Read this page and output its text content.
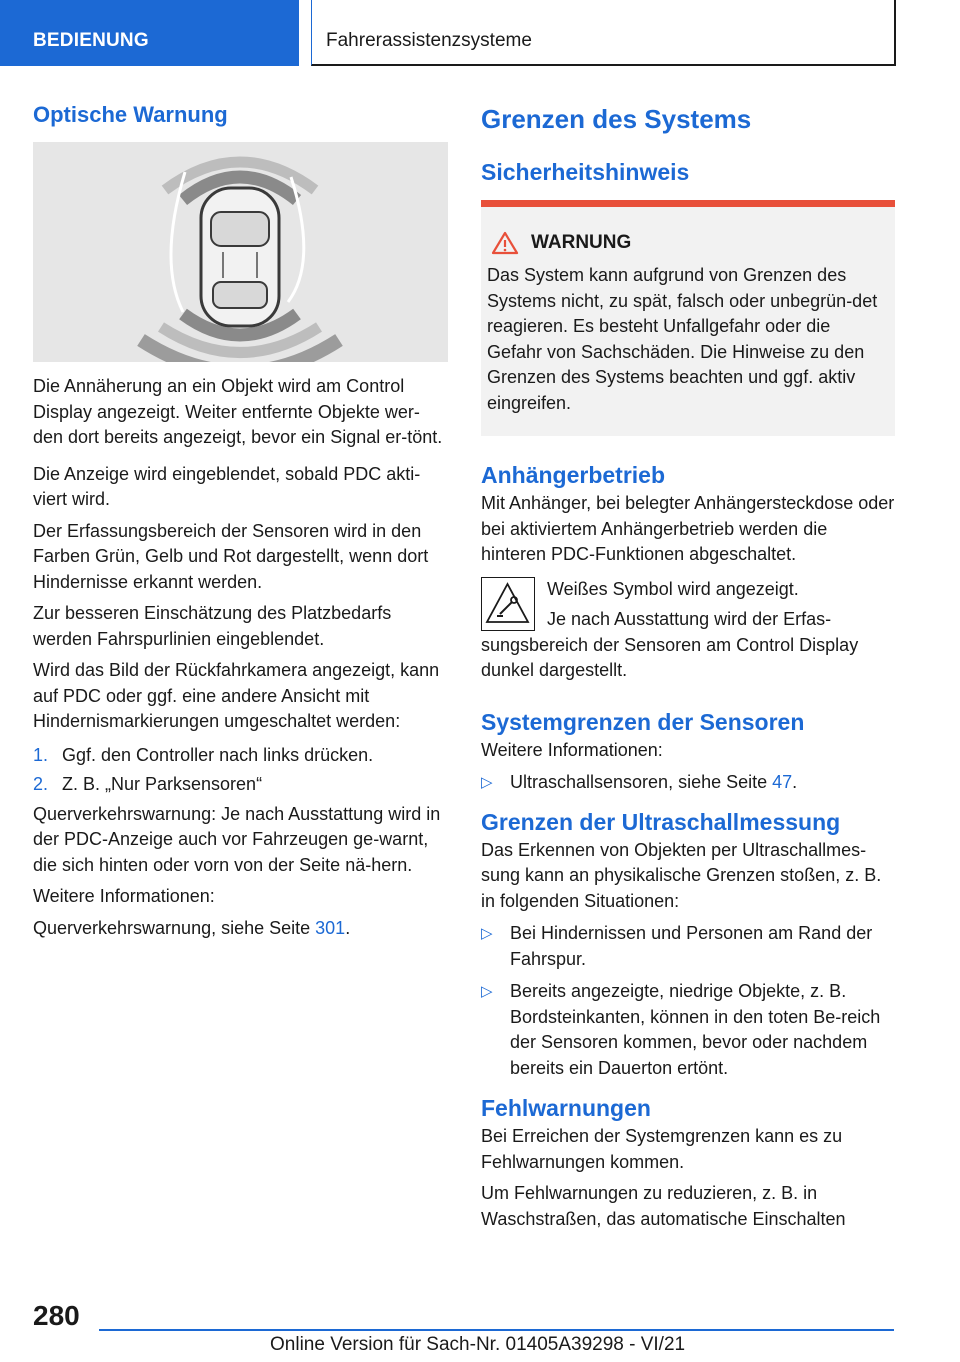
BEDIENUNG	Fahrerassistenzsysteme
Optische Warnung

Die Annäherung an ein Objekt wird am Control Display angezeigt. Weiter entfernte Objekte wer-den dort bereits angezeigt, bevor ein Signal er-tönt.

Die Anzeige wird eingeblendet, sobald PDC akti-viert wird.

Der Erfassungsbereich der Sensoren wird in den Farben Grün, Gelb und Rot dargestellt, wenn dort Hindernisse erkannt werden.

Zur besseren Einschätzung des Platzbedarfs werden Fahrspurlinien eingeblendet.

Wird das Bild der Rückfahrkamera angezeigt, kann auf PDC oder ggf. eine andere Ansicht mit Hindernismarkierungen umgeschaltet werden:

1. Ggf. den Controller nach links drücken.
2. Z. B. „Nur Parksensoren“

Querverkehrswarnung: Je nach Ausstattung wird in der PDC-Anzeige auch vor Fahrzeugen ge-warnt, die sich hinten oder vorn von der Seite nä-hern.

Weitere Informationen:

Querverkehrswarnung, siehe Seite 301.

Grenzen des Systems
Sicherheitshinweis
WARNUNG

Das System kann aufgrund von Grenzen des Systems nicht, zu spät, falsch oder unbegrün-det reagieren. Es besteht Unfallgefahr oder die Gefahr von Sachschäden. Die Hinweise zu den Grenzen des Systems beachten und ggf. aktiv eingreifen.

Anhängerbetrieb

Mit Anhänger, bei belegter Anhängersteckdose oder bei aktiviertem Anhängerbetrieb werden die hinteren PDC-Funktionen abgeschaltet.

Weißes Symbol wird angezeigt.

Je nach Ausstattung wird der Erfas-sungsbereich der Sensoren am Control Display dunkel dargestellt.

Systemgrenzen der Sensoren

Weitere Informationen:

▷ Ultraschallsensoren, siehe Seite 47.
Grenzen der Ultraschallmessung

Das Erkennen von Objekten per Ultraschallmes-sung kann an physikalische Grenzen stoßen, z. B. in folgenden Situationen:

▷ Bei Hindernissen und Personen am Rand der Fahrspur.
▷ Bereits angezeigte, niedrige Objekte, z. B. Bordsteinkanten, können in den toten Be-reich der Sensoren kommen, bevor oder nachdem bereits ein Dauerton ertönt.
Fehlwarnungen

Bei Erreichen der Systemgrenzen kann es zu Fehlwarnungen kommen.

Um Fehlwarnungen zu reduzieren, z. B. in Waschstraßen, das automatische Einschalten

280
Online Version für Sach-Nr. 01405A39298 - VI/21
